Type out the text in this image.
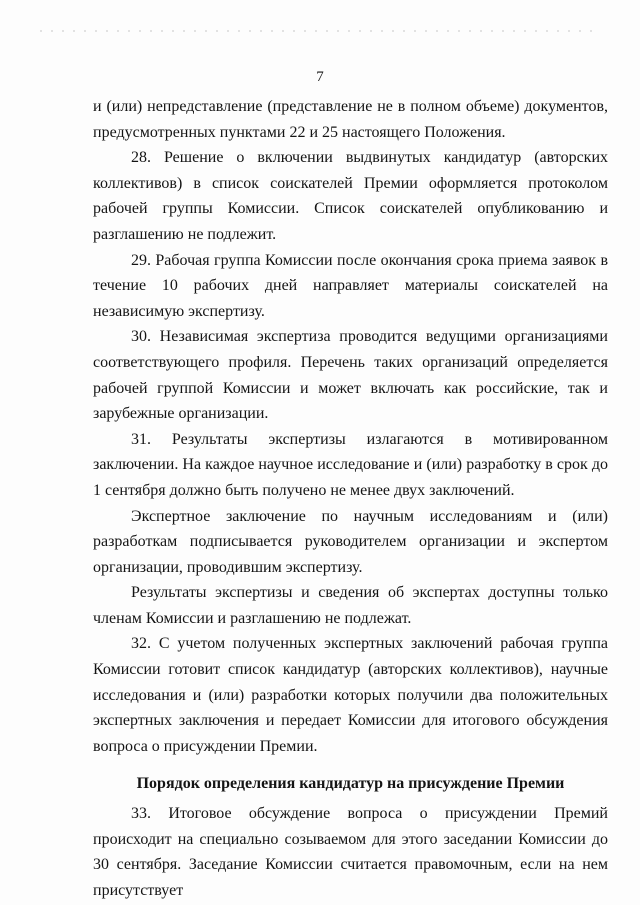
7

и (или) непредставление (представление не в полном объеме) документов, предусмотренных пунктами 22 и 25 настоящего Положения.

28. Решение о включении выдвинутых кандидатур (авторских коллективов) в список соискателей Премии оформляется протоколом рабочей группы Комиссии. Список соискателей опубликованию и разглашению не подлежит.

29. Рабочая группа Комиссии после окончания срока приема заявок в течение 10 рабочих дней направляет материалы соискателей на независимую экспертизу.

30. Независимая экспертиза проводится ведущими организациями соответствующего профиля. Перечень таких организаций определяется рабочей группой Комиссии и может включать как российские, так и зарубежные организации.

31. Результаты экспертизы излагаются в мотивированном заключении. На каждое научное исследование и (или) разработку в срок до 1 сентября должно быть получено не менее двух заключений.

Экспертное заключение по научным исследованиям и (или) разработкам подписывается руководителем организации и экспертом организации, проводившим экспертизу.

Результаты экспертизы и сведения об экспертах доступны только членам Комиссии и разглашению не подлежат.

32. С учетом полученных экспертных заключений рабочая группа Комиссии готовит список кандидатур (авторских коллективов), научные исследования и (или) разработки которых получили два положительных экспертных заключения и передает Комиссии для итогового обсуждения вопроса о присуждении Премии.

Порядок определения кандидатур на присуждение Премии

33. Итоговое обсуждение вопроса о присуждении Премий происходит на специально созываемом для этого заседании Комиссии до 30 сентября. Заседание Комиссии считается правомочным, если на нем присутствует
